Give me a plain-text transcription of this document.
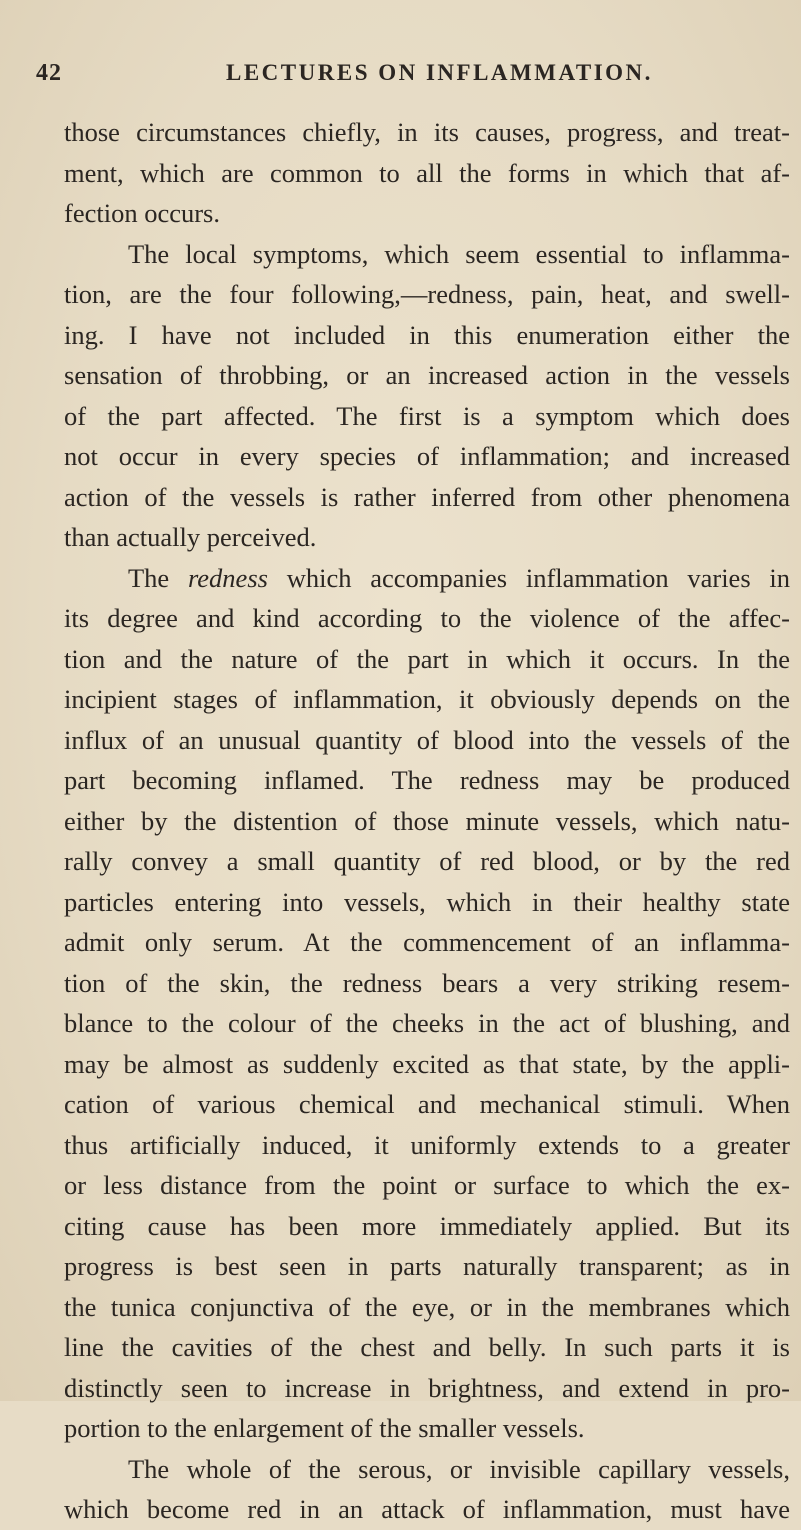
42	LECTURES ON INFLAMMATION.
those circumstances chiefly, in its causes, progress, and treat-
ment, which are common to all the forms in which that af-
fection occurs.
The local symptoms, which seem essential to inflamma-
tion, are the four following,—redness, pain, heat, and swell-
ing. I have not included in this enumeration either the
sensation of throbbing, or an increased action in the vessels
of the part affected. The first is a symptom which does
not occur in every species of inflammation; and increased
action of the vessels is rather inferred from other phenomena
than actually perceived.
The redness which accompanies inflammation varies in
its degree and kind according to the violence of the affec-
tion and the nature of the part in which it occurs. In the
incipient stages of inflammation, it obviously depends on the
influx of an unusual quantity of blood into the vessels of the
part becoming inflamed. The redness may be produced
either by the distention of those minute vessels, which natu-
rally convey a small quantity of red blood, or by the red
particles entering into vessels, which in their healthy state
admit only serum. At the commencement of an inflamma-
tion of the skin, the redness bears a very striking resem-
blance to the colour of the cheeks in the act of blushing, and
may be almost as suddenly excited as that state, by the appli-
cation of various chemical and mechanical stimuli. When
thus artificially induced, it uniformly extends to a greater
or less distance from the point or surface to which the ex-
citing cause has been more immediately applied. But its
progress is best seen in parts naturally transparent; as in
the tunica conjunctiva of the eye, or in the membranes which
line the cavities of the chest and belly. In such parts it is
distinctly seen to increase in brightness, and extend in pro-
portion to the enlargement of the smaller vessels.
The whole of the serous, or invisible capillary vessels,
which become red in an attack of inflammation, must have
